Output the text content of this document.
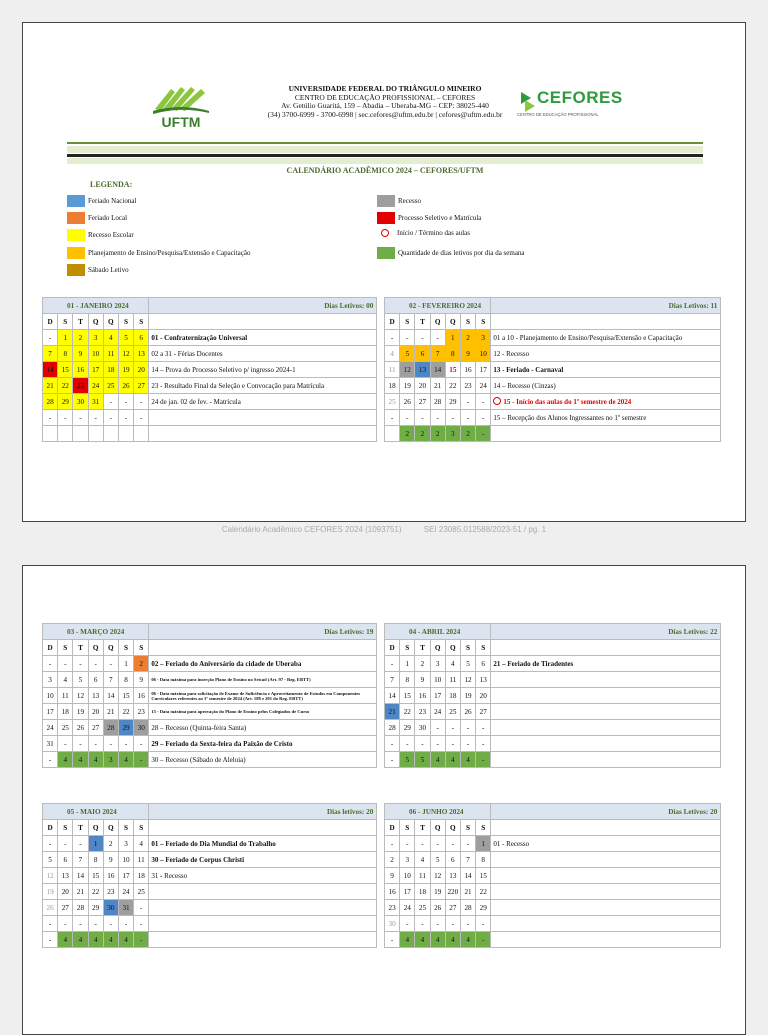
UFTM
UNIVERSIDADE FEDERAL DO TRIÂNGULO MINEIRO
CENTRO DE EDUCAÇÃO PROFISSIONAL – CEFORES
Av. Getúlio Guaritá, 159 – Abadia – Uberaba-MG – CEP: 38025-440
(34) 3700-6999 - 3700-6998 | sec.cefores@uftm.edu.br | cefores@uftm.edu.br
CEFORES
CENTRO DE EDUCAÇÃO PROFISSIONAL
CALENDÁRIO ACADÊMICO 2024 – CEFORES/UFTM
LEGENDA:
Feriado Nacional
Feriado Local
Recesso Escolar
Planejamento de Ensino/Pesquisa/Extensão e Capacitação
Sábado Letivo
Recesso
Processo Seletivo e Matrícula
Início / Término das aulas
Quantidade de dias letivos por dia da semana
01 - JANEIRO 2024							Dias Letivos: 00
D	S	T	Q	Q	S	S	
-	1	2	3	4	5	6	01 - Confraternização Universal
7	8	9	10	11	12	13	02 a 31 - Férias Docentes
14	15	16	17	18	19	20	14 – Prova do Processo Seletivo p/ ingresso 2024-1
21	22	23	24	25	26	27	23 - Resultado Final da Seleção e Convocação para Matrícula
28	29	30	31	-	-	-	24 de jan. 02 de fev. - Matrícula
-	-	-	-	-	-	-	

02 - FEVEREIRO 2024							Dias Letivos: 11
D	S	T	Q	Q	S	S	
-	-	-	-	1	2	3	01 a 10 - Planejamento de Ensino/Pesquisa/Extensão e Capacitação
4	5	6	7	8	9	10	12 - Recesso
11	12	13	14	15	16	17	13 - Feriado - Carnaval
18	19	20	21	22	23	24	14 – Recesso (Cinzas)
25	26	27	28	29	-	-	15 - Início das aulas do 1º semestre de 2024
-	-	-	-	-	-	-	15 – Recepção dos Alunos Ingressantes no 1º semestre
	2	2	2	3	2	-	
Calendário Acadêmico CEFORES 2024 (1093751)	SEI 23085.012588/2023-51 / pg. 1
03 - MARÇO 2024							Dias Letivos: 19
D	S	T	Q	Q	S	S	
-	-	-	-	-	1	2	02 – Feriado do Aniversário da cidade de Uberaba
3	4	5	6	7	8	9	06 - Data máxima para inserção Plano de Ensino no Sricad (Art. 97 - Reg. EBTT)
10	11	12	13	14	15	16	06 - Data máxima para solicitação de Exame de Suficiência e Aproveitamento de Estudos em Componentes Curriculares referentes ao 1º semestre de 2024 (Art. 188 e 201 do Reg. EBTT)
17	18	19	20	21	22	23	15 - Data máxima para aprovação do Plano de Ensino pelos Colegiados de Curso
24	25	26	27	28	29	30	28 – Recesso (Quinta-feira Santa)
31	-	-	-	-	-	-	29 – Feriado da Sexta-feira da Paixão de Cristo
-	4	4	4	3	4	-	30 – Recesso (Sábado de Aleluia)
04 - ABRIL 2024							Dias Letivos: 22
D	S	T	Q	Q	S	S	
-	1	2	3	4	5	6	21 – Feriado de Tiradentes
7	8	9	10	11	12	13	
14	15	16	17	18	19	20	
21	22	23	24	25	26	27	
28	29	30	-	-	-	-	
-	-	-	-	-	-	-	
-	5	5	4	4	4	-	
05 - MAIO 2024							Dias letivos: 20
D	S	T	Q	Q	S	S	
-	-	-	1	2	3	4	01 – Feriado do Dia Mundial do Trabalho
5	6	7	8	9	10	11	30 – Feriado de Corpus Christi
12	13	14	15	16	17	18	31 - Recesso
19	20	21	22	23	24	25	
26	27	28	29	30	31	-	
-	-	-	-	-	-	-	
-	4	4	4	4	4	-	
06 - JUNHO 2024							Dias Letivos: 20
D	S	T	Q	Q	S	S	
-	-	-	-	-	-	1	01 - Recesso
2	3	4	5	6	7	8	
9	10	11	12	13	14	15	
16	17	18	19	220	21	22	
23	24	25	26	27	28	29	
30	-	-	-	-	-	-	
-	4	4	4	4	4	-	
